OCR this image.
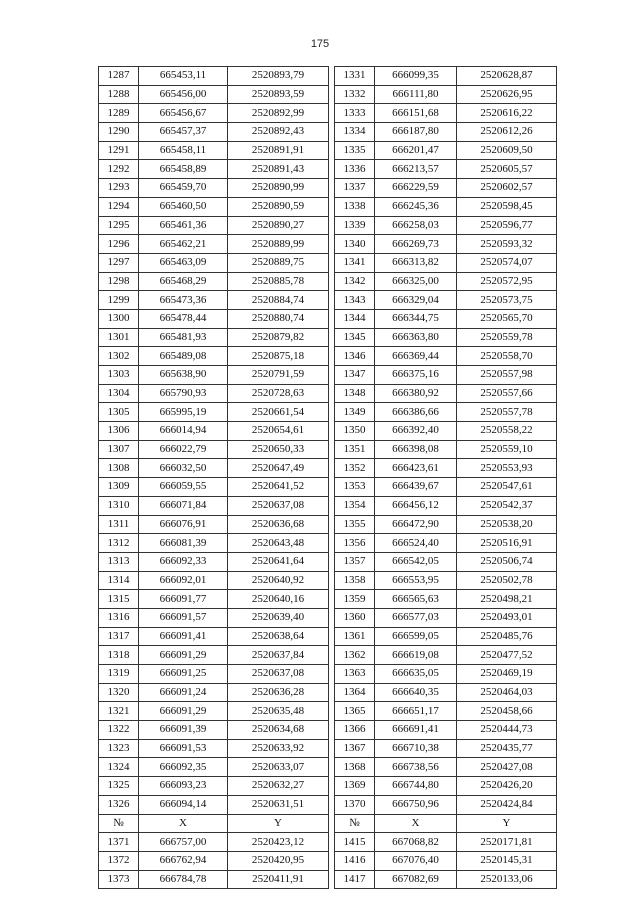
175
1287	665453,11	2520893,79
1288	665456,00	2520893,59
1289	665456,67	2520892,99
1290	665457,37	2520892,43
1291	665458,11	2520891,91
1292	665458,89	2520891,43
1293	665459,70	2520890,99
1294	665460,50	2520890,59
1295	665461,36	2520890,27
1296	665462,21	2520889,99
1297	665463,09	2520889,75
1298	665468,29	2520885,78
1299	665473,36	2520884,74
1300	665478,44	2520880,74
1301	665481,93	2520879,82
1302	665489,08	2520875,18
1303	665638,90	2520791,59
1304	665790,93	2520728,63
1305	665995,19	2520661,54
1306	666014,94	2520654,61
1307	666022,79	2520650,33
1308	666032,50	2520647,49
1309	666059,55	2520641,52
1310	666071,84	2520637,08
1311	666076,91	2520636,68
1312	666081,39	2520643,48
1313	666092,33	2520641,64
1314	666092,01	2520640,92
1315	666091,77	2520640,16
1316	666091,57	2520639,40
1317	666091,41	2520638,64
1318	666091,29	2520637,84
1319	666091,25	2520637,08
1320	666091,24	2520636,28
1321	666091,29	2520635,48
1322	666091,39	2520634,68
1323	666091,53	2520633,92
1324	666092,35	2520633,07
1325	666093,23	2520632,27
1326	666094,14	2520631,51
№	X	Y
1371	666757,00	2520423,12
1372	666762,94	2520420,95
1373	666784,78	2520411,91
1331	666099,35	2520628,87
1332	666111,80	2520626,95
1333	666151,68	2520616,22
1334	666187,80	2520612,26
1335	666201,47	2520609,50
1336	666213,57	2520605,57
1337	666229,59	2520602,57
1338	666245,36	2520598,45
1339	666258,03	2520596,77
1340	666269,73	2520593,32
1341	666313,82	2520574,07
1342	666325,00	2520572,95
1343	666329,04	2520573,75
1344	666344,75	2520565,70
1345	666363,80	2520559,78
1346	666369,44	2520558,70
1347	666375,16	2520557,98
1348	666380,92	2520557,66
1349	666386,66	2520557,78
1350	666392,40	2520558,22
1351	666398,08	2520559,10
1352	666423,61	2520553,93
1353	666439,67	2520547,61
1354	666456,12	2520542,37
1355	666472,90	2520538,20
1356	666524,40	2520516,91
1357	666542,05	2520506,74
1358	666553,95	2520502,78
1359	666565,63	2520498,21
1360	666577,03	2520493,01
1361	666599,05	2520485,76
1362	666619,08	2520477,52
1363	666635,05	2520469,19
1364	666640,35	2520464,03
1365	666651,17	2520458,66
1366	666691,41	2520444,73
1367	666710,38	2520435,77
1368	666738,56	2520427,08
1369	666744,80	2520426,20
1370	666750,96	2520424,84
№	X	Y
1415	667068,82	2520171,81
1416	667076,40	2520145,31
1417	667082,69	2520133,06
